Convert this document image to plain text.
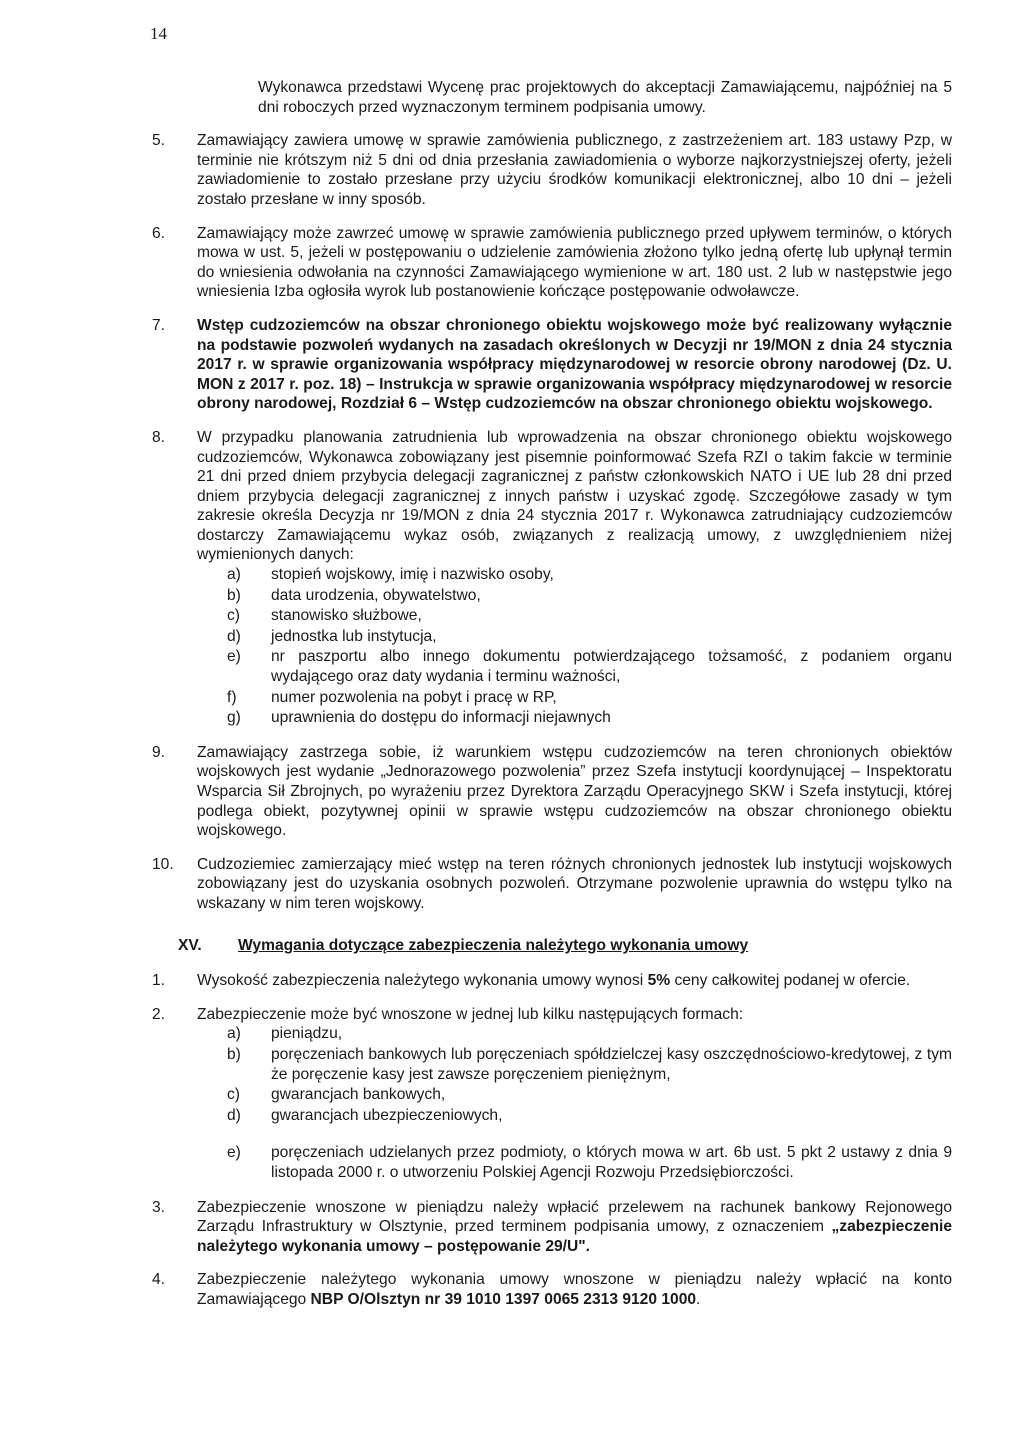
14

Wykonawca przedstawi Wycenę prac projektowych do akceptacji Zamawiającemu, najpóźniej na 5 dni roboczych przed wyznaczonym terminem podpisania umowy.

5.	Zamawiający zawiera umowę w sprawie zamówienia publicznego, z zastrzeżeniem art. 183 ustawy Pzp, w terminie nie krótszym niż 5 dni od dnia przesłania zawiadomienia o wyborze najkorzystniejszej oferty, jeżeli zawiadomienie to zostało przesłane przy użyciu środków komunikacji elektronicznej, albo 10 dni – jeżeli zostało przesłane w inny sposób.

6.	Zamawiający może zawrzeć umowę w sprawie zamówienia publicznego przed upływem terminów, o których mowa w ust. 5, jeżeli w postępowaniu o udzielenie zamówienia złożono tylko jedną ofertę lub upłynął termin do wniesienia odwołania na czynności Zamawiającego wymienione w art. 180 ust. 2 lub w następstwie jego wniesienia Izba ogłosiła wyrok lub postanowienie kończące postępowanie odwoławcze.

7.	Wstęp cudzoziemców na obszar chronionego obiektu wojskowego może być realizowany wyłącznie na podstawie pozwoleń wydanych na zasadach określonych w Decyzji nr 19/MON z dnia 24 stycznia 2017 r. w sprawie organizowania współpracy międzynarodowej w resorcie obrony narodowej (Dz. U. MON z 2017 r. poz. 18) – Instrukcja w sprawie organizowania współpracy międzynarodowej w resorcie obrony narodowej, Rozdział 6 – Wstęp cudzoziemców na obszar chronionego obiektu wojskowego.

8.	W przypadku planowania zatrudnienia lub wprowadzenia na obszar chronionego obiektu wojskowego cudzoziemców, Wykonawca zobowiązany jest pisemnie poinformować Szefa RZI o takim fakcie w terminie 21 dni przed dniem przybycia delegacji zagranicznej z państw członkowskich NATO i UE lub 28 dni przed dniem przybycia delegacji zagranicznej z innych państw i uzyskać zgodę. Szczegółowe zasady w tym zakresie określa Decyzja nr 19/MON z dnia 24 stycznia 2017 r. Wykonawca zatrudniający cudzoziemców dostarczy Zamawiającemu wykaz osób, związanych z realizacją umowy, z uwzględnieniem niżej wymienionych danych:

a)	stopień wojskowy, imię i nazwisko osoby,
b)	data urodzenia, obywatelstwo,
c)	stanowisko służbowe,
d)	jednostka lub instytucja,
e)	nr paszportu albo innego dokumentu potwierdzającego tożsamość, z podaniem organu wydającego oraz daty wydania i terminu ważności,
f)	numer pozwolenia na pobyt i pracę w RP,
g)	uprawnienia do dostępu do informacji niejawnych
9.	Zamawiający zastrzega sobie, iż warunkiem wstępu cudzoziemców na teren chronionych obiektów wojskowych jest wydanie „Jednorazowego pozwolenia” przez Szefa instytucji koordynującej – Inspektoratu Wsparcia Sił Zbrojnych, po wyrażeniu przez Dyrektora Zarządu Operacyjnego SKW i Szefa instytucji, której podlega obiekt, pozytywnej opinii w sprawie wstępu cudzoziemców na obszar chronionego obiektu wojskowego.

10.	Cudzoziemiec zamierzający mieć wstęp na teren różnych chronionych jednostek lub instytucji wojskowych zobowiązany jest do uzyskania osobnych pozwoleń. Otrzymane pozwolenie uprawnia do wstępu tylko na wskazany w nim teren wojskowy.

XV.	Wymagania dotyczące zabezpieczenia należytego wykonania umowy
1.	Wysokość zabezpieczenia należytego wykonania umowy wynosi 5% ceny całkowitej podanej w ofercie.

2.	Zabezpieczenie może być wnoszone w jednej lub kilku następujących formach:

a)	pieniądzu,
b)	poręczeniach bankowych lub poręczeniach spółdzielczej kasy oszczędnościowo-kredytowej, z tym że poręczenie kasy jest zawsze poręczeniem pieniężnym,
c)	gwarancjach bankowych,
d)	gwarancjach ubezpieczeniowych,
e)	poręczeniach udzielanych przez podmioty, o których mowa w art. 6b ust. 5 pkt 2 ustawy z dnia 9 listopada 2000 r. o utworzeniu Polskiej Agencji Rozwoju Przedsiębiorczości.
3.	Zabezpieczenie wnoszone w pieniądzu należy wpłacić przelewem na rachunek bankowy Rejonowego Zarządu Infrastruktury w Olsztynie, przed terminem podpisania umowy, z oznaczeniem „zabezpieczenie należytego wykonania umowy – postępowanie 29/U".

4.	Zabezpieczenie należytego wykonania umowy wnoszone w pieniądzu należy wpłacić na konto Zamawiającego NBP O/Olsztyn nr 39 1010 1397 0065 2313 9120 1000.
